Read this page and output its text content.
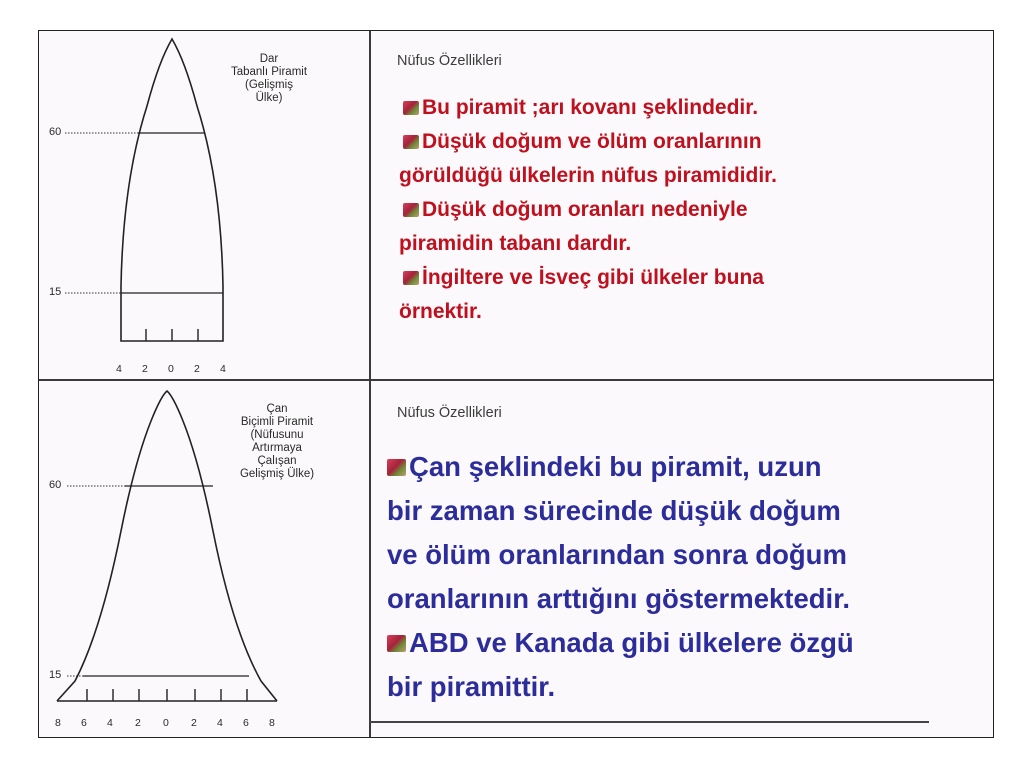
60
15
4 2 0 2 4
Dar
Tabanlı Piramit
(Gelişmiş
Ülke)
60
15
8 6 4 2 0 2 4 6 8
Çan
Biçimli Piramit
(Nüfusunu
Artırmaya
Çalışan
Gelişmiş Ülke)
Nüfus Özellikleri
Bu piramit ;arı kovanı şeklindedir.
Düşük doğum ve ölüm oranlarının
görüldüğü ülkelerin nüfus piramididir.
Düşük doğum oranları nedeniyle
piramidin tabanı dardır.
İngiltere ve İsveç gibi ülkeler buna
örnektir.
Nüfus Özellikleri
Çan şeklindeki bu piramit, uzun
bir zaman sürecinde düşük doğum
ve ölüm oranlarından sonra doğum
oranlarının arttığını göstermektedir.
ABD ve Kanada gibi ülkelere özgü
bir piramittir.
